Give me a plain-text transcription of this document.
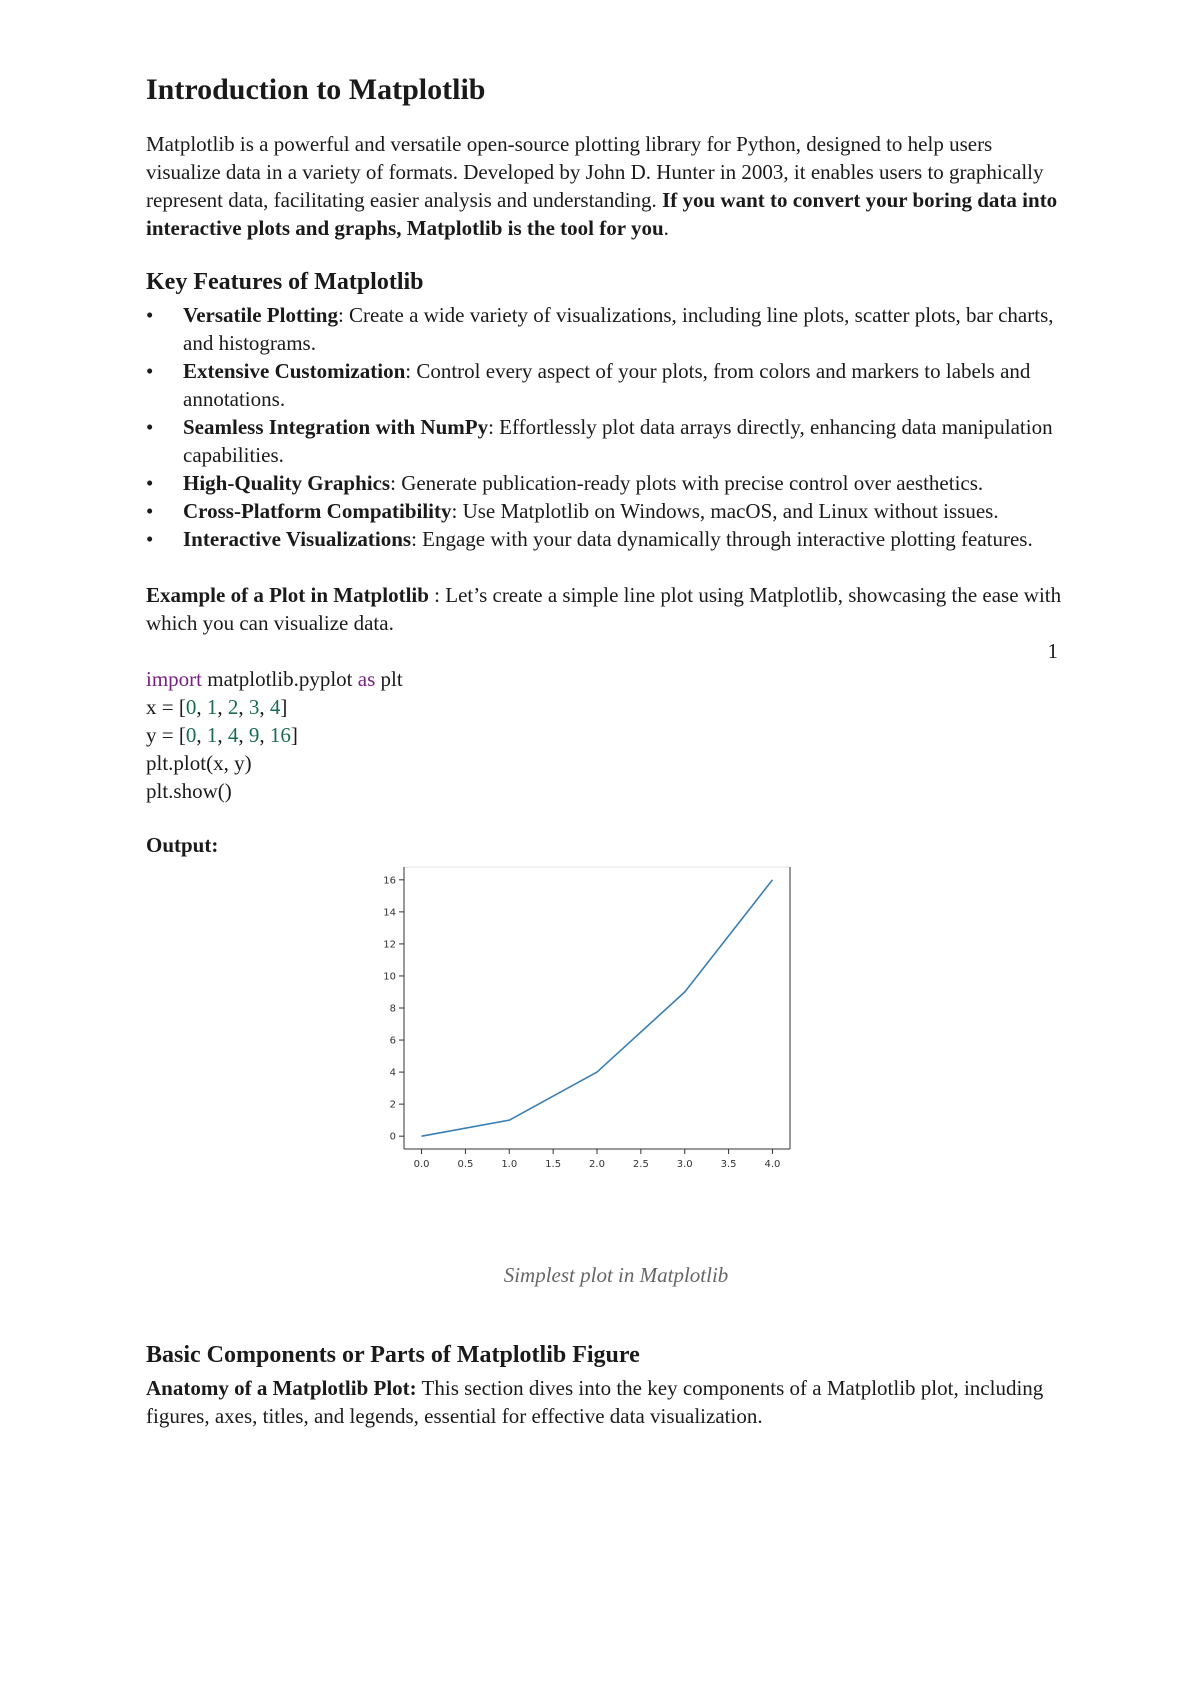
Introduction to Matplotlib

Matplotlib is a powerful and versatile open-source plotting library for Python, designed to help users visualize data in a variety of formats. Developed by John D. Hunter in 2003, it enables users to graphically represent data, facilitating easier analysis and understanding. If you want to convert your boring data into interactive plots and graphs, Matplotlib is the tool for you.

Key Features of Matplotlib
•	Versatile Plotting: Create a wide variety of visualizations, including line plots, scatter plots, bar charts, and histograms.
•	Extensive Customization: Control every aspect of your plots, from colors and markers to labels and annotations.
•	Seamless Integration with NumPy: Effortlessly plot data arrays directly, enhancing data manipulation capabilities.
•	High-Quality Graphics: Generate publication-ready plots with precise control over aesthetics.
•	Cross-Platform Compatibility: Use Matplotlib on Windows, macOS, and Linux without issues.
•	Interactive Visualizations: Engage with your data dynamically through interactive plotting features.

Example of a Plot in Matplotlib : Let’s create a simple line plot using Matplotlib, showcasing the ease with which you can visualize data.

1
import matplotlib.pyplot as plt
x = [0, 1, 2, 3, 4]
y = [0, 1, 4, 9, 16]
plt.plot(x, y)
plt.show()
Output:
0.0	0.5	1.0	1.5	2.0	2.5	3.0	3.5	4.0
0
2
4
6
8
10
12
14
16
Simplest plot in Matplotlib
Basic Components or Parts of Matplotlib Figure

Anatomy of a Matplotlib Plot: This section dives into the key components of a Matplotlib plot, including figures, axes, titles, and legends, essential for effective data visualization.
